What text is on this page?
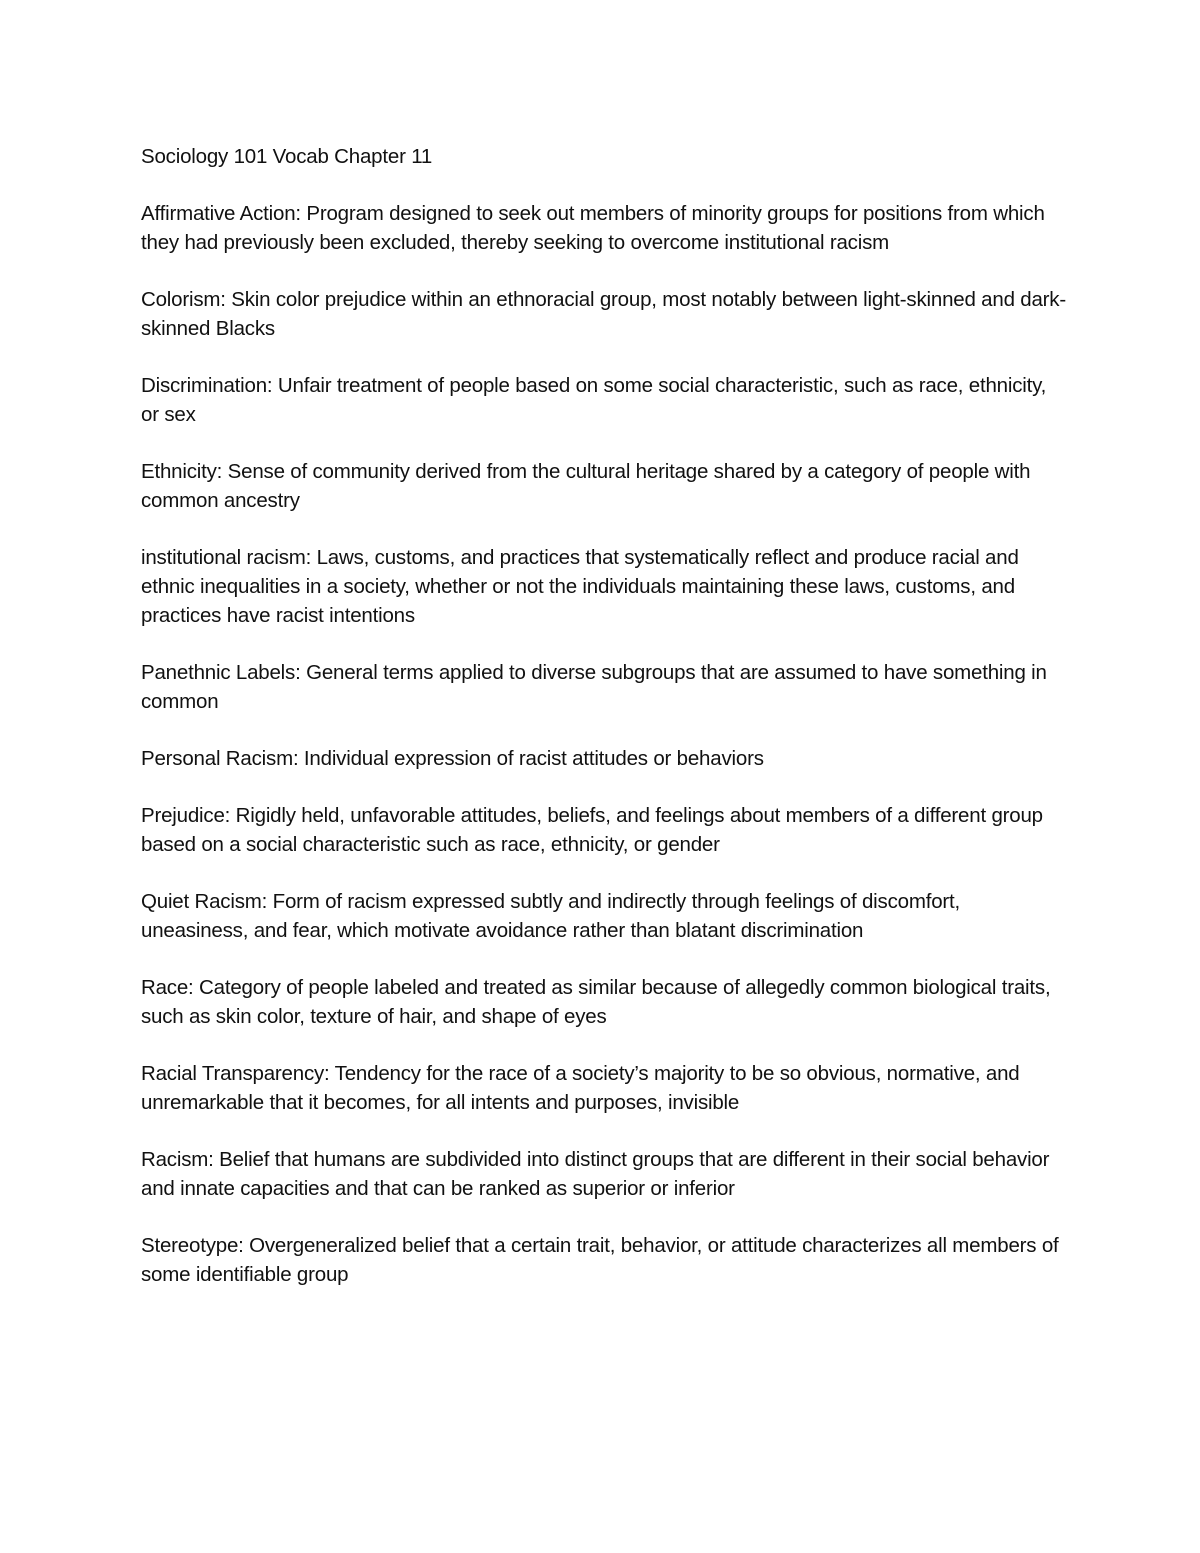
Sociology 101 Vocab Chapter 11

Affirmative Action: Program designed to seek out members of minority groups for positions from which they had previously been excluded, thereby seeking to overcome institutional racism

Colorism: Skin color prejudice within an ethnoracial group, most notably between light-skinned and dark-skinned Blacks

Discrimination: Unfair treatment of people based on some social characteristic, such as race, ethnicity, or sex

Ethnicity: Sense of community derived from the cultural heritage shared by a category of people with common ancestry

institutional racism: Laws, customs, and practices that systematically reflect and produce racial and ethnic inequalities in a society, whether or not the individuals maintaining these laws, customs, and practices have racist intentions

Panethnic Labels: General terms applied to diverse subgroups that are assumed to have something in common

Personal Racism: Individual expression of racist attitudes or behaviors

Prejudice: Rigidly held, unfavorable attitudes, beliefs, and feelings about members of a different group based on a social characteristic such as race, ethnicity, or gender

Quiet Racism: Form of racism expressed subtly and indirectly through feelings of discomfort, uneasiness, and fear, which motivate avoidance rather than blatant discrimination

Race: Category of people labeled and treated as similar because of allegedly common biological traits, such as skin color, texture of hair, and shape of eyes

Racial Transparency: Tendency for the race of a society’s majority to be so obvious, normative, and unremarkable that it becomes, for all intents and purposes, invisible

Racism: Belief that humans are subdivided into distinct groups that are different in their social behavior and innate capacities and that can be ranked as superior or inferior

Stereotype: Overgeneralized belief that a certain trait, behavior, or attitude characterizes all members of some identifiable group
